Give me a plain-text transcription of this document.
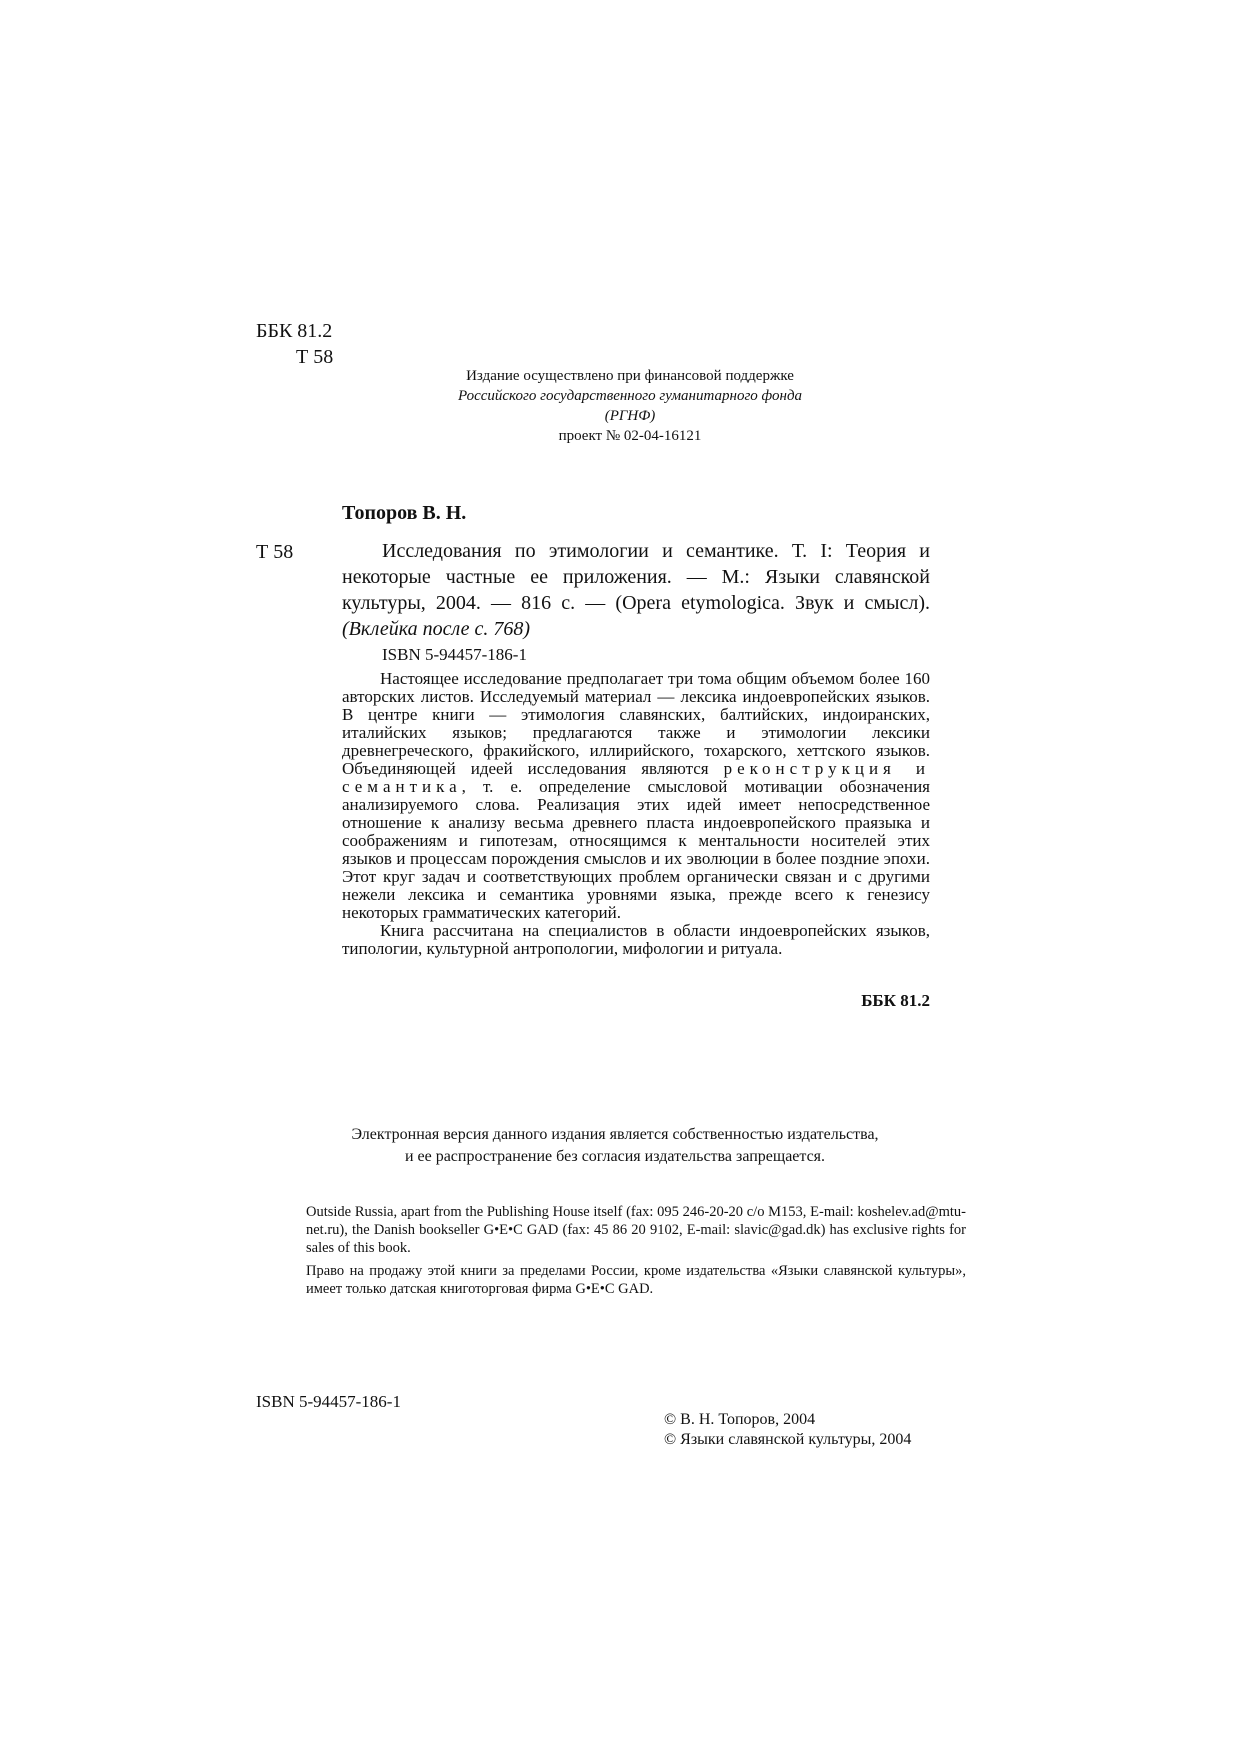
ББК 81.2
Т 58
Издание осуществлено при финансовой поддержке
Российского государственного гуманитарного фонда
(РГНФ)
проект № 02-04-16121
Топоров В. Н.
Т 58	Исследования по этимологии и семантике. Т. I: Теория и некоторые частные ее приложения. — М.: Языки славянской культуры, 2004. — 816 с. — (Opera etymologica. Звук и смысл). (Вклейка после с. 768)
ISBN 5-94457-186-1

Настоящее исследование предполагает три тома общим объемом более 160 авторских листов. Исследуемый материал — лексика индоевропейских языков. В центре книги — этимология славянских, балтийских, индоиранских, италийских языков; предлагаются также и этимологии лексики древнегреческого, фракийского, иллирийского, тохарского, хеттского языков. Объединяющей идеей исследования являются реконструкция и семантика, т. е. определение смысловой мотивации обозначения анализируемого слова. Реализация этих идей имеет непосредственное отношение к анализу весьма древнего пласта индоевропейского праязыка и соображениям и гипотезам, относящимся к ментальности носителей этих языков и процессам порождения смыслов и их эволюции в более поздние эпохи. Этот круг задач и соответствующих проблем органически связан и с другими нежели лексика и семантика уровнями языка, прежде всего к генезису некоторых грамматических категорий.

Книга рассчитана на специалистов в области индоевропейских языков, типологии, культурной антропологии, мифологии и ритуала.

ББК 81.2
Электронная версия данного издания является собственностью издательства,
и ее распространение без согласия издательства запрещается.
Outside Russia, apart from the Publishing House itself (fax: 095 246-20-20 c/o M153, E-mail: koshelev.ad@mtu-net.ru), the Danish bookseller G•E•C GAD (fax: 45 86 20 9102, E-mail: slavic@gad.dk) has exclusive rights for sales of this book.
Право на продажу этой книги за пределами России, кроме издательства «Языки славянской культуры», имеет только датская книготорговая фирма G•E•C GAD.
ISBN 5-94457-186-1
© В. Н. Топоров, 2004
© Языки славянской культуры, 2004
